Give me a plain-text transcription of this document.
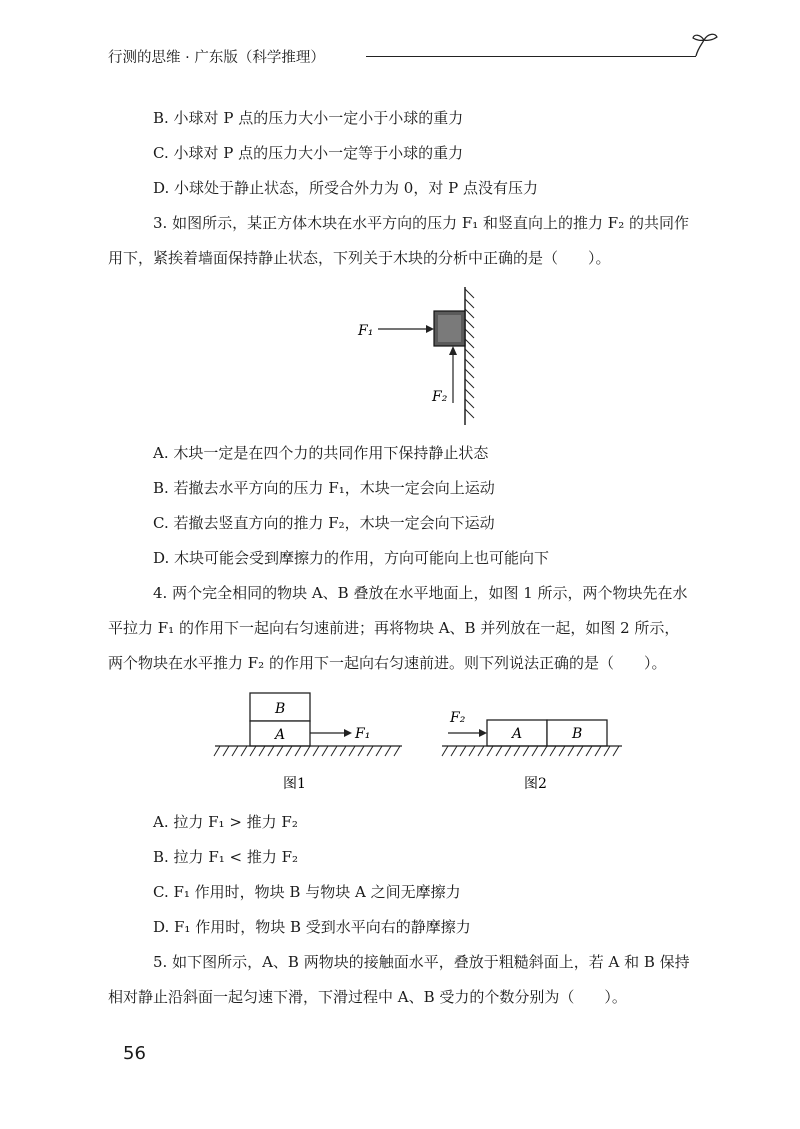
行测的思维 · 广东版（科学推理）
B. 小球对 P 点的压力大小一定小于小球的重力
C. 小球对 P 点的压力大小一定等于小球的重力
D. 小球处于静止状态，所受合外力为 0，对 P 点没有压力
3. 如图所示，某正方体木块在水平方向的压力 F₁ 和竖直向上的推力 F₂ 的共同作
用下，紧挨着墙面保持静止状态，下列关于木块的分析中正确的是（　　）。
F₁
F₂
A. 木块一定是在四个力的共同作用下保持静止状态
B. 若撤去水平方向的压力 F₁，木块一定会向上运动
C. 若撤去竖直方向的推力 F₂，木块一定会向下运动
D. 木块可能会受到摩擦力的作用，方向可能向上也可能向下
4. 两个完全相同的物块 A、B 叠放在水平地面上，如图 1 所示，两个物块先在水
平拉力 F₁ 的作用下一起向右匀速前进；再将物块 A、B 并列放在一起，如图 2 所示，
两个物块在水平推力 F₂ 的作用下一起向右匀速前进。则下列说法正确的是（　　）。
B
A	F₁
图1
F₂
A	B
图2
A. 拉力 F₁ > 推力 F₂
B. 拉力 F₁ < 推力 F₂
C. F₁ 作用时，物块 B 与物块 A 之间无摩擦力
D. F₁ 作用时，物块 B 受到水平向右的静摩擦力
5. 如下图所示，A、B 两物块的接触面水平，叠放于粗糙斜面上，若 A 和 B 保持
相对静止沿斜面一起匀速下滑，下滑过程中 A、B 受力的个数分别为（　　）。
56
